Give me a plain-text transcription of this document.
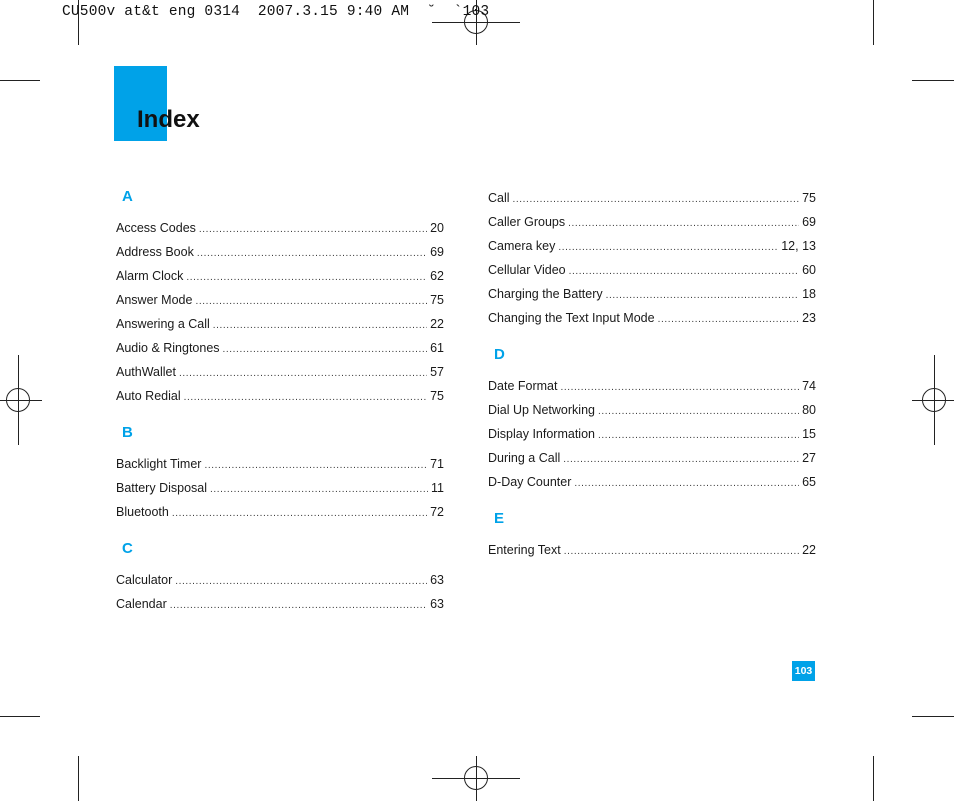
CU500v at&t eng 0314  2007.3.15 9:40 AM  ˘  `103
Index
A
Access Codes .....	20
Address Book .....	69
Alarm Clock .....	62
Answer Mode .....	75
Answering a Call .....	22
Audio & Ringtones .....	61
AuthWallet .....	57
Auto Redial .....	75
B
Backlight Timer .....	71
Battery Disposal .....	11
Bluetooth .....	72
C
Calculator .....	63
Calendar .....	63
Call .....	75
Caller Groups .....	69
Camera key .....	12, 13
Cellular Video .....	60
Charging the Battery .....	18
Changing the Text Input Mode .....	23
D
Date Format .....	74
Dial Up Networking .....	80
Display Information .....	15
During a Call .....	27
D-Day Counter .....	65
E
Entering Text .....	22
103
